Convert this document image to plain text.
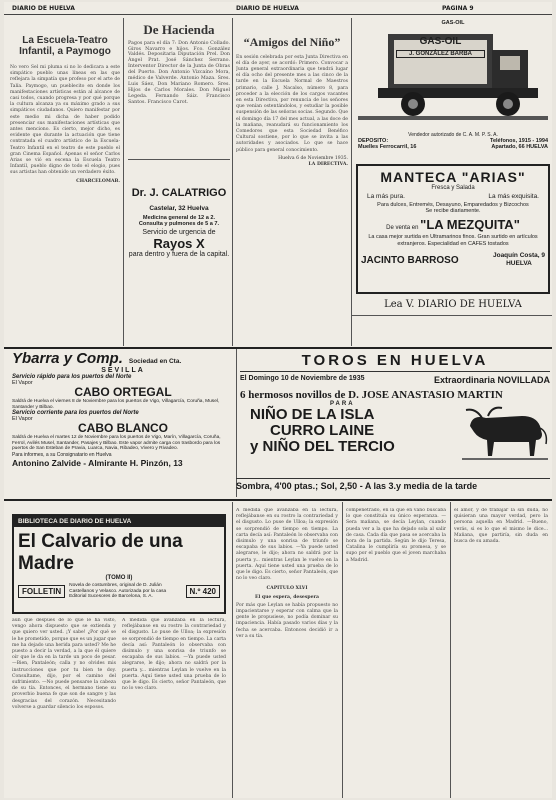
DIARIO DE HUELVA	DIARIO DE HUELVA	PAGINA 9
La Escuela-Teatro Infantil, a Paymogo
No vero Sel mi pluma si no lo dedicara a este simpático pueblo unas líneas en las que reflejara la simpatía que profeso por el arte de Talía. Paymogo, un pueblecito en donde los manifestaciones artísticas están al alcance de casi todos, cuando progresa y por qué porque la cultura alcanza ya su máximo grado a sus simpáticos ciudadanos. Quiero manifestar por este medio mi dicha de haber podido presenciar sus manifestaciones artísticas que antes menciono. Es cierto, mejor dicho, es evidente que durante la actuación que tiene contratada el cuadro artístico de la Escuela-Teatro Infantil en el teatro de este pueblo el gran Cinema Español. Apenas el señor Carlos Arias se vió en escena la Escuela Teatro Infantil, pueblo digno de todo el elogio, pues sus artistas han obtenido un verdadero éxito.
CHARCELOMAB.
De Hacienda
Pagos para el día 7: Don Antonio Collado. Giros Navarro e hijos. Fco. González Valdés. Depositaria Diputación Prel. Don Ángel Prat. José Sánchez Serrano. Interventor Director de la Junta de Obras del Puerto. Don Antonio Vizcaíno Mora, médico de Valverde. Antonio Maza. Sres. Luis Sáez, Don Mariano Romero. Sres. Hijos de Carlos Morales. Don Miguel Legeda. Fernando Sáiz. Francisco Santos. Francisco Carot.
Dr. J. CALATRIGO
Castelar, 32 Huelva
Medicina general de 12 a 2.
Consulta y pulmones de 5 a 7.
Servicio de urgencia de
Rayos X
para dentro y fuera de la capital.
“Amigos del Niño”
En sesión celebrada por esta Junta Directiva en el día de ayer, se acordó: Primero. Convocar a Junta general extraordinaria que tendrá lugar el día ocho del presente mes a las cinco de la tarde en la Escuela Normal de Maestros primario, calle J. Nacalso, número 8, para proceder a la elección de los cargos vacantes en esta Directiva, por renuncia de los señores que venían ostentándolos, y estudiar la posible suspensión de las señoras socias. Segundo. Que el domingo día 17 del mes actual, a las doce de la mañana, reanudará su funcionamiento los Comedores que esta Sociedad Benéfico Cultural sostiene, por lo que se invita a las autoridades y asociados. Lo que se hace público para general conocimiento.
Huelva 6 de Noviembre 1935.
LA DIRECTIVA.
GAS-OIL
GAS-OIL
J. GONZÁLEZ BARBA
Vendedor autorizado de C. A. M. P. S. A.
DEPOSITO:	Teléfonos, 1915 - 1994
Muelles Ferrocarril, 16	Apartado, 66 HUELVA
MANTECA "ARIAS"
Fresca y Salada
La más pura.	La más exquisita.
Para dulces, Entremés, Desayuno, Emparedados y Bizcochos
Se recibe diariamente.
De venta en "LA MEZQUITA"
La casa mejor surtida en Ultramarinos finos. Gran surtido en artículos extranjeros. Especialidad en CAFES tostados
JACINTO BARROSO	Joaquín Costa, 9
HUELVA
Lea V. DIARIO DE HUELVA
Ybarra y Comp. Sociedad en Cta.
SEVILLA
Servicio rápido para los puertos del Norte
El Vapor
CABO ORTEGAL
Saldrá de Huelva el viernes 8 de Noviembre para los puertos de Vigo, Villagarcía, Coruña, Musel, Santander y Bilbao.
Servicio corriente para los puertos del Norte
El Vapor
CABO BLANCO
Saldrá de Huelva el martes 12 de Noviembre para los puertos de Vigo, Marín, Villagarcía, Coruña, Ferrol, Avilés Musel, Santander, Pasajes y Bilbao. Este vapor admite carga con trasbordo para los puertos de San Esteban de Pravia, Luarca, Navia, Ribadeo, Vivero y Rivadeo.
Para informes, a su Consignatario en Huelva
Antonino Zalvide - Almirante H. Pinzón, 13
TOROS EN HUELVA
El Domingo 10 de Noviembre de 1935	Extraordinaria NOVILLADA
6 hermosos novillos de D. JOSE ANASTASIO MARTIN
PARA
NIÑO DE LA ISLA
CURRO LAINE
y NIÑO DEL TERCIO
Sombra, 4'00 ptas.; Sol, 2,50 - A las 3.y media de la tarde
BIBLIOTECA DE DIARIO DE HUELVA
El Calvario de una Madre
(TOMO II)
FOLLETIN
Novela de costumbres, original de D. Julián Castellanos y Velasco. Autorizada por la casa Editorial Sucesores de Barcelona, S. A.
N.º 420
aun que después de lo que le ha visto, vengo ahora dispuesto que se extienda y que quiero ver usted. ¡Y sabe! ¿Por qué se le he prometido, porque que es un jugar que me ha dejado una herida para usted? Me he puesto a decir la verdad, a la que él quiere oír que le da en la tarde un poco de pesar. —Bien, Pantaleón; calla y no olvides mis instrucciones que por tu bien te doy. Consultame, dijo, por el camino del sufrimiento. —No puede pensarse la cabeza de su tía. Entonces, el hermano tiene su proverbio buena fe que son de sangre y las desgracias del corazón. Necesitando volverse a guardar silencio los esposos.
A medida que avanzaba en la lectura, reflejábanse en su rostro la contrariedad y el disgusto. Lo puse de Ulloa; la expresión se sorprendió de tiempo en tiempo. La carta decía así: Pantaleón lo observaba con disimulo y una sonrisa de triunfo se escapaba de sus labios. —Ya puede usted alegrarse, le dijo; ahora no saldrá por la puerta y... mientras Leylan le vuelve en la puerta. Aquí tiene usted una prueba de lo que le digo. Es cierto, señor Pantaleón, que no lo veo claro.
A medida que avanzaba en la lectura, reflejábanse en su rostro la contrariedad y el disgusto. Lo puse de Ulloa; la expresión se sorprendió de tiempo en tiempo. La carta decía así: Pantaleón lo observaba con disimulo y una sonrisa de triunfo se escapaba de sus labios. —Ya puede usted alegrarse, le dijo; ahora no saldrá por la puerta y... mientras Leylan le vuelve en la puerta. Aquí tiene usted una prueba de lo que le digo. Es cierto, señor Pantaleón, que no lo veo claro.
CAPITULO XLVI
El que espera, desespera
Por más que Leylan se había propuesto no impacientarse y esperar con calma que la gente le propusiese, no podía dominar su impaciencia. Había pasado varios días y la fecha se acercaba. Entonces decidió ir a ver a su tía.
compenetrado, en la que en vano buscaba lo que constituía su único esperanza. —Sera mañana, se decía Leylan, cuando pueda ver a la que ha dejado sola al salir de casa. Cada día que pasa se acercaba la hora de la partida. Según le dijo Teresa, Catalina le cumpliría su promesa, y se supo por el pueblo que el joven marchaba a Madrid.
el amor, y de trabajar la sin duda, no quisieran una mayor verdad, pero la persona aquella en Madrid. —Bueno, verás, si es lo que el mismo le dice... Mañana, que partiría, sin duda en busca de su amada.
